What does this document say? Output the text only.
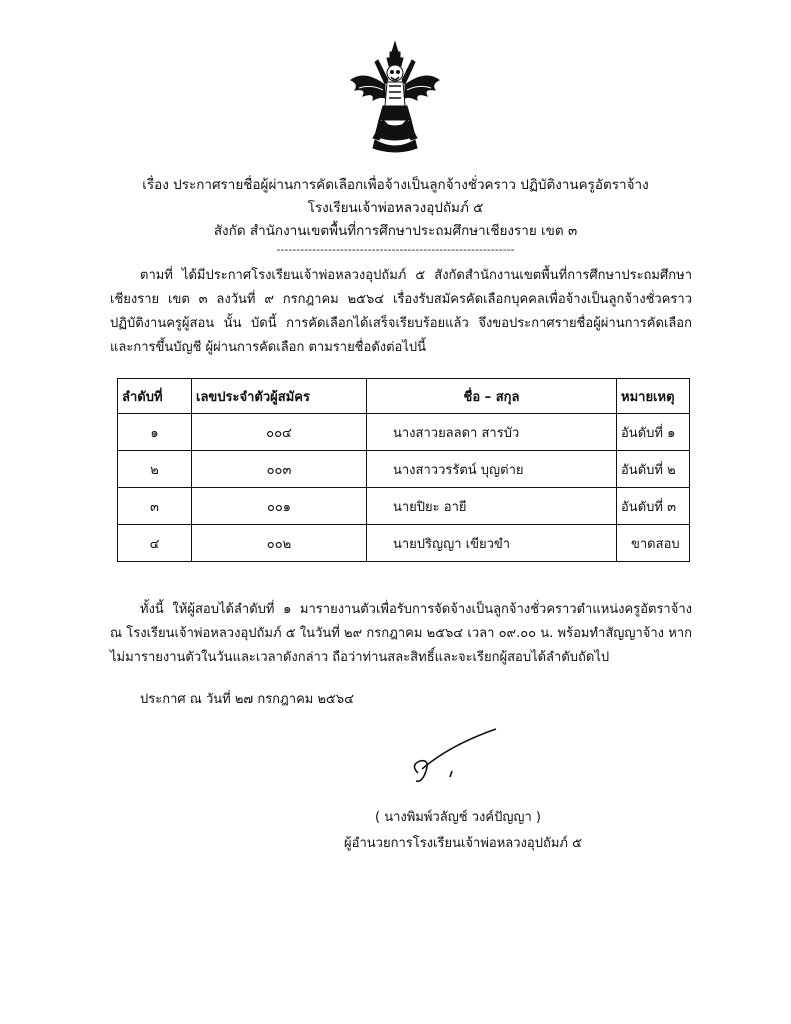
เรื่อง ประกาศรายชื่อผู้ผ่านการคัดเลือกเพื่อจ้างเป็นลูกจ้างชั่วคราว ปฏิบัติงานครูอัตราจ้าง
โรงเรียนเจ้าพ่อหลวงอุปถัมภ์ ๕
สังกัด สำนักงานเขตพื้นที่การศึกษาประถมศึกษาเชียงราย เขต ๓
------------------------------------------------------------
ตามที่ ได้มีประกาศโรงเรียนเจ้าพ่อหลวงอุปถัมภ์ ๕ สังกัดสำนักงานเขตพื้นที่การศึกษาประถมศึกษาเชียงราย เขต ๓ ลงวันที่ ๙ กรกฎาคม ๒๕๖๔ เรื่องรับสมัครคัดเลือกบุคคลเพื่อจ้างเป็นลูกจ้างชั่วคราวปฏิบัติงานครูผู้สอน นั้น บัดนี้ การคัดเลือกได้เสร็จเรียบร้อยแล้ว จึงขอประกาศรายชื่อผู้ผ่านการคัดเลือกและการขึ้นบัญชี ผู้ผ่านการคัดเลือก ตามรายชื่อดังต่อไปนี้
ลำดับที่	เลขประจำตัวผู้สมัคร	ชื่อ – สกุล	หมายเหตุ
๑	๐๐๔	นางสาวยลลดา สารบัว	อันดับที่ ๑
๒	๐๐๓	นางสาววรรัตน์ บุญต่าย	อันดับที่ ๒
๓	๐๐๑	นายปิยะ อายี	อันดับที่ ๓
๔	๐๐๒	นายปริญญา เขียวขำ	ขาดสอบ
ทั้งนี้ ให้ผู้สอบได้ลำดับที่ ๑ มารายงานตัวเพื่อรับการจัดจ้างเป็นลูกจ้างชั่วคราวตำแหน่งครูอัตราจ้าง ณ โรงเรียนเจ้าพ่อหลวงอุปถัมภ์ ๕ ในวันที่ ๒๙ กรกฎาคม ๒๕๖๔ เวลา ๐๙.๐๐ น. พร้อมทำสัญญาจ้าง หากไม่มารายงานตัวในวันและเวลาดังกล่าว ถือว่าท่านสละสิทธิ์และจะเรียกผู้สอบได้ลำดับถัดไป
ประกาศ ณ วันที่ ๒๗ กรกฎาคม ๒๕๖๔
( นางพิมพ์วลัญช์ วงค์ปัญญา )
ผู้อำนวยการโรงเรียนเจ้าพ่อหลวงอุปถัมภ์ ๕
